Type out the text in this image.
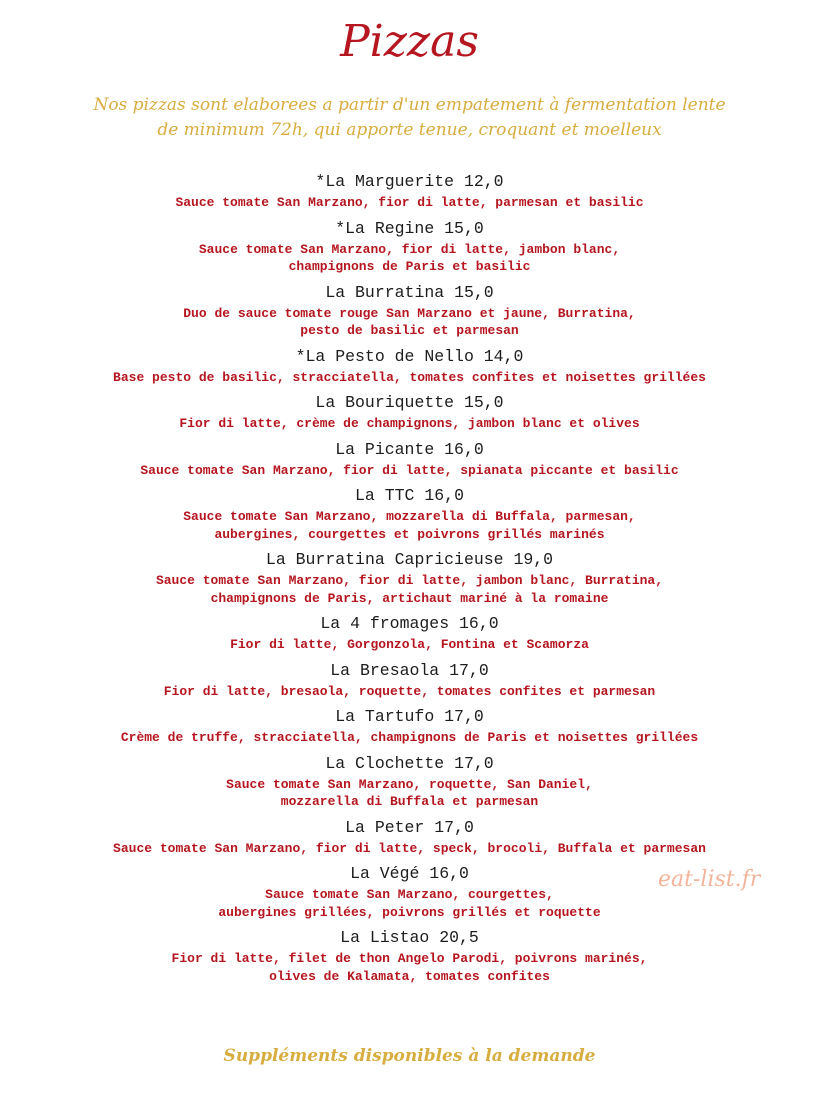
Pizzas
Nos pizzas sont elaborees a partir d'un empatement à fermentation lente
de minimum 72h, qui apporte tenue, croquant et moelleux
*La Marguerite 12,0
Sauce tomate San Marzano, fior di latte, parmesan et basilic
*La Regine 15,0
Sauce tomate San Marzano, fior di latte, jambon blanc,
champignons de Paris et basilic
La Burratina 15,0
Duo de sauce tomate rouge San Marzano et jaune, Burratina,
pesto de basilic et parmesan
*La Pesto de Nello 14,0
Base pesto de basilic, stracciatella, tomates confites et noisettes grillées
La Bouriquette 15,0
Fior di latte, crème de champignons, jambon blanc et olives
La Picante 16,0
Sauce tomate San Marzano, fior di latte, spianata piccante et basilic
La TTC 16,0
Sauce tomate San Marzano, mozzarella di Buffala, parmesan,
aubergines, courgettes et poivrons grillés marinés
La Burratina Capricieuse 19,0
Sauce tomate San Marzano, fior di latte, jambon blanc, Burratina,
champignons de Paris, artichaut mariné à la romaine
La 4 fromages 16,0
Fior di latte, Gorgonzola, Fontina et Scamorza
La Bresaola 17,0
Fior di latte, bresaola, roquette, tomates confites et parmesan
La Tartufo 17,0
Crème de truffe, stracciatella, champignons de Paris et noisettes grillées
La Clochette 17,0
Sauce tomate San Marzano, roquette, San Daniel,
mozzarella di Buffala et parmesan
La Peter 17,0
Sauce tomate San Marzano, fior di latte, speck, brocoli, Buffala et parmesan
La Végé 16,0
Sauce tomate San Marzano, courgettes,
aubergines grillées, poivrons grillés et roquette
La Listao 20,5
Fior di latte, filet de thon Angelo Parodi, poivrons marinés,
olives de Kalamata, tomates confites
eat-list.fr
Suppléments disponibles à la demande
